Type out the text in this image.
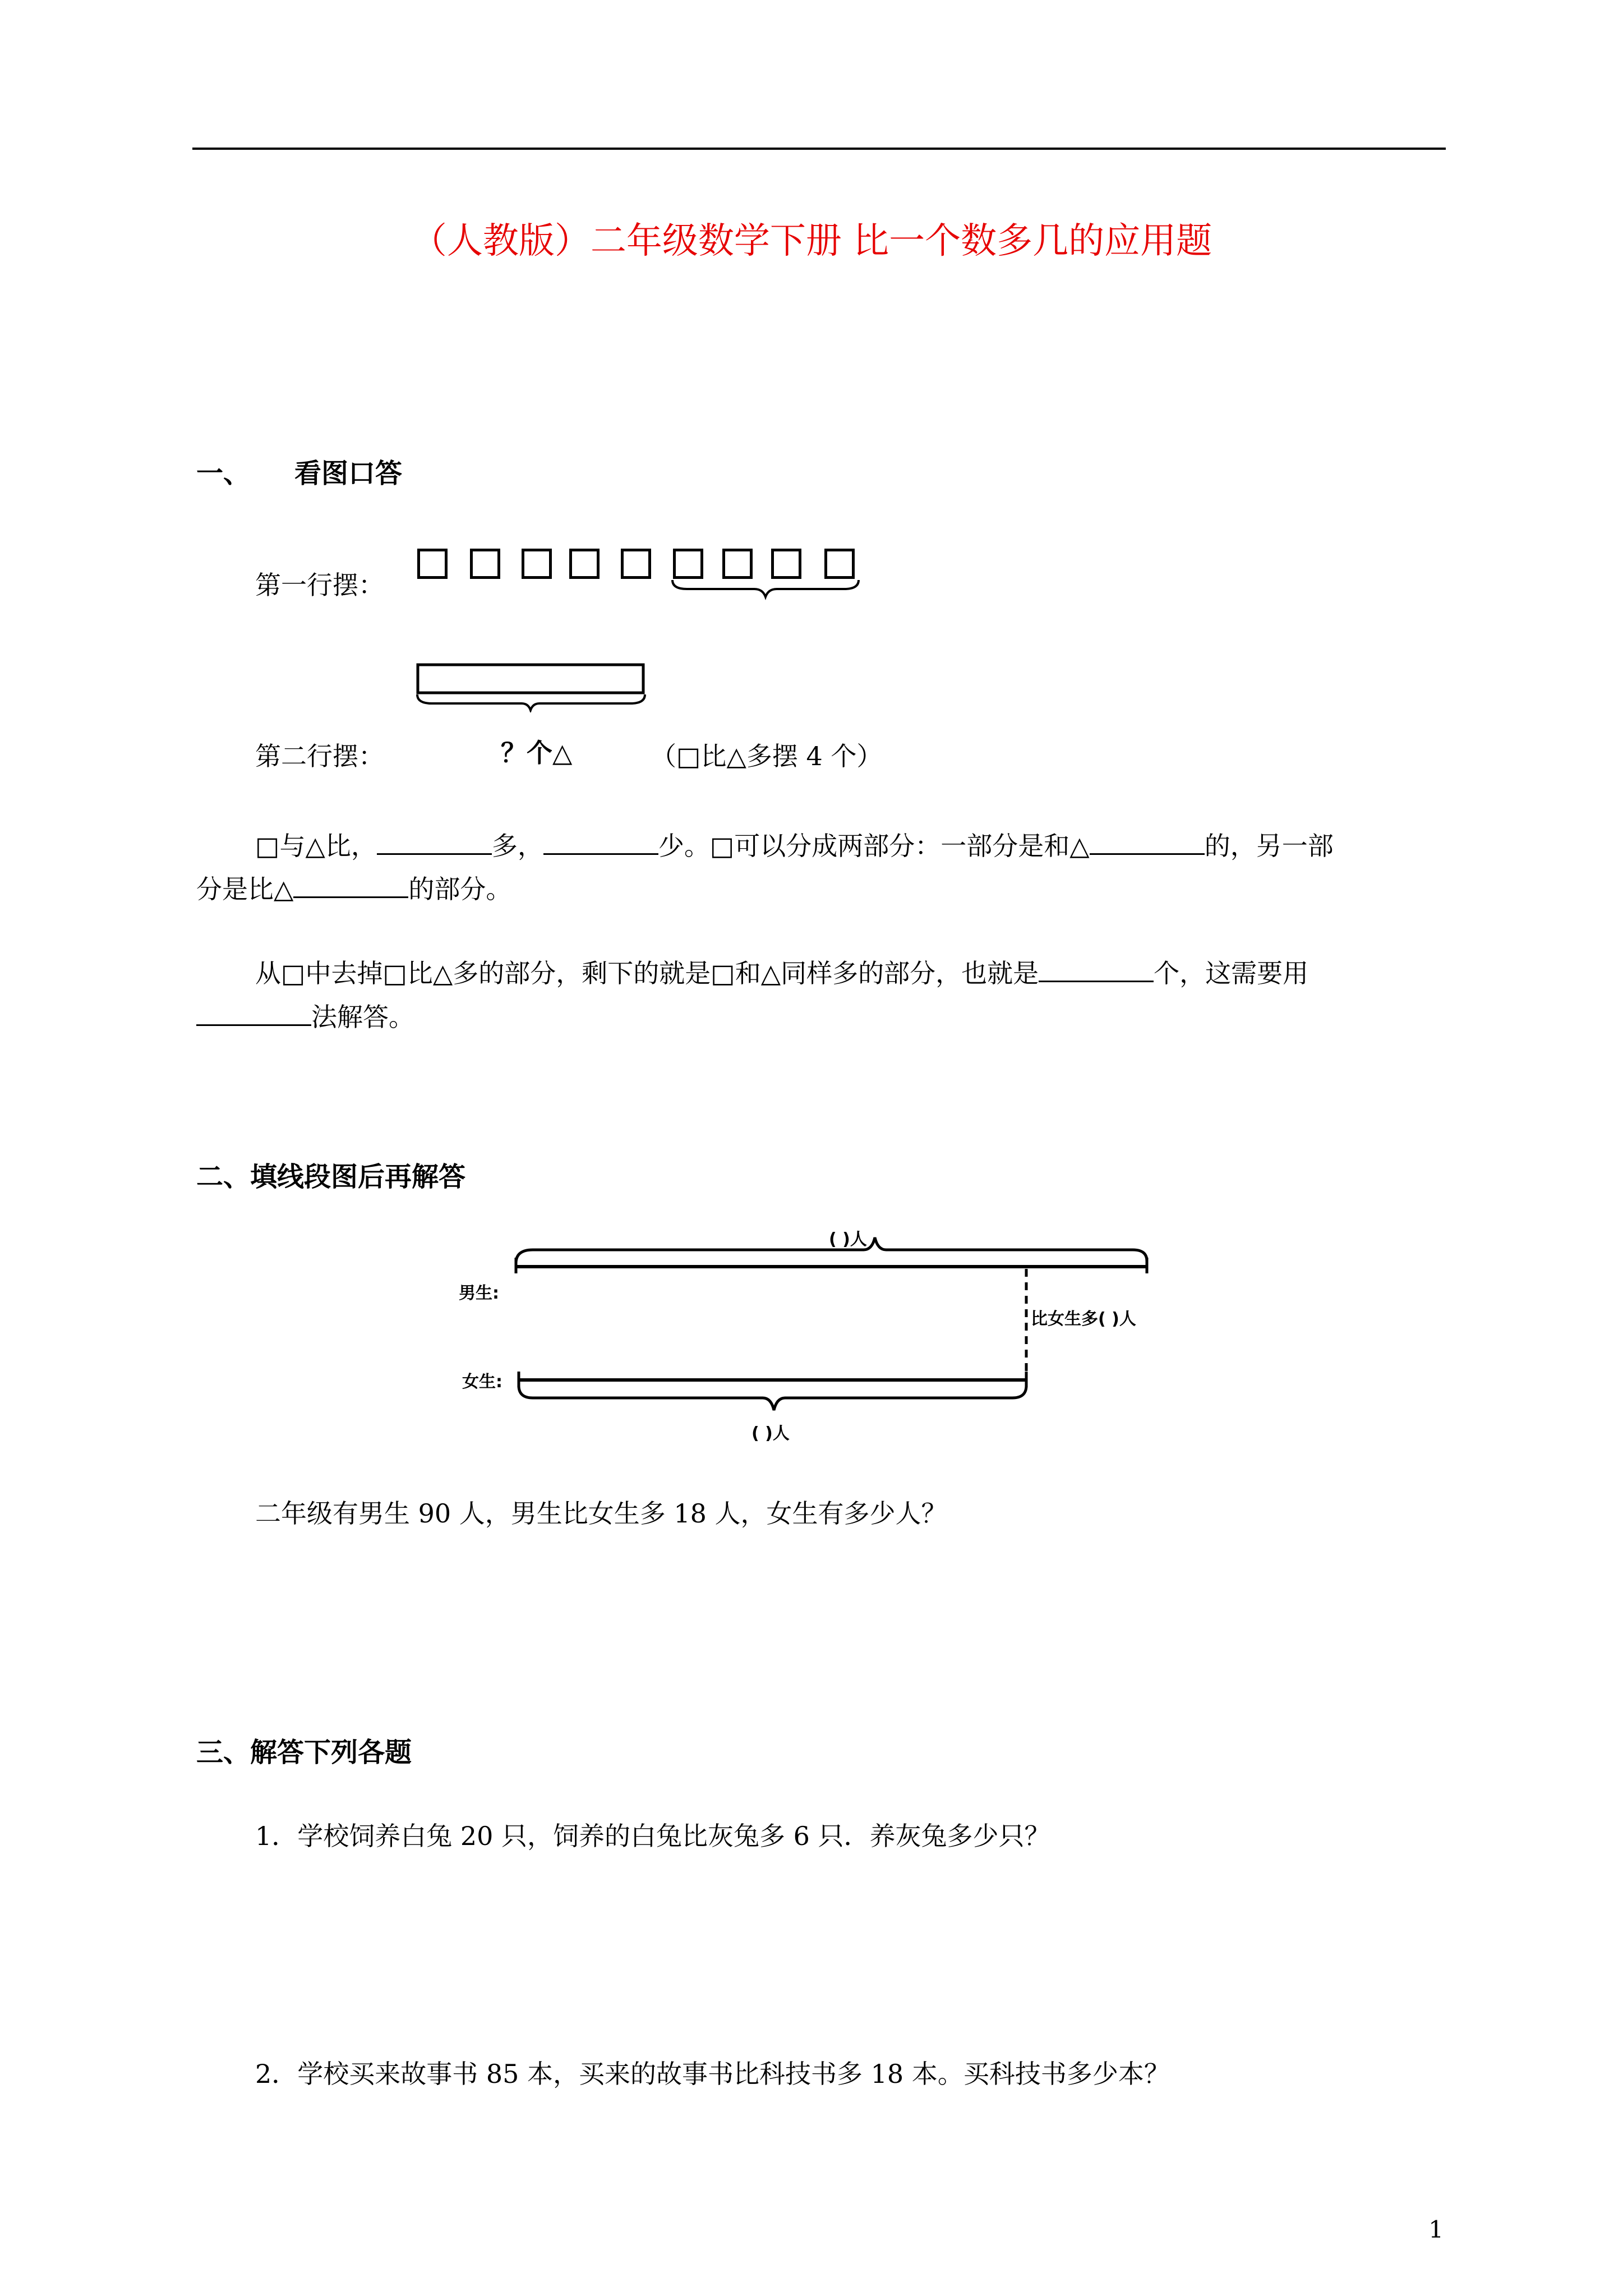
（人教版）二年级数学下册 比一个数多几的应用题
一、 看图口答
第一行摆：
第二行摆：	？个△	（□比△多摆 4 个）
□与△比，	多，	少。□可以分成两部分：一部分是和△	的，另一部
分是比△	的部分。
从□中去掉□比△多的部分，剩下的就是□和△同样多的部分，也就是	个，这需要用
法解答。
二、填线段图后再解答
( )人
男生:
比女生多( )人
女生:
( )人
二年级有男生 90 人，男生比女生多 18 人，女生有多少人？
三、解答下列各题
1．学校饲养白兔 20 只，饲养的白兔比灰兔多 6 只．养灰兔多少只？
2．学校买来故事书 85 本，买来的故事书比科技书多 18 本。买科技书多少本？
1
